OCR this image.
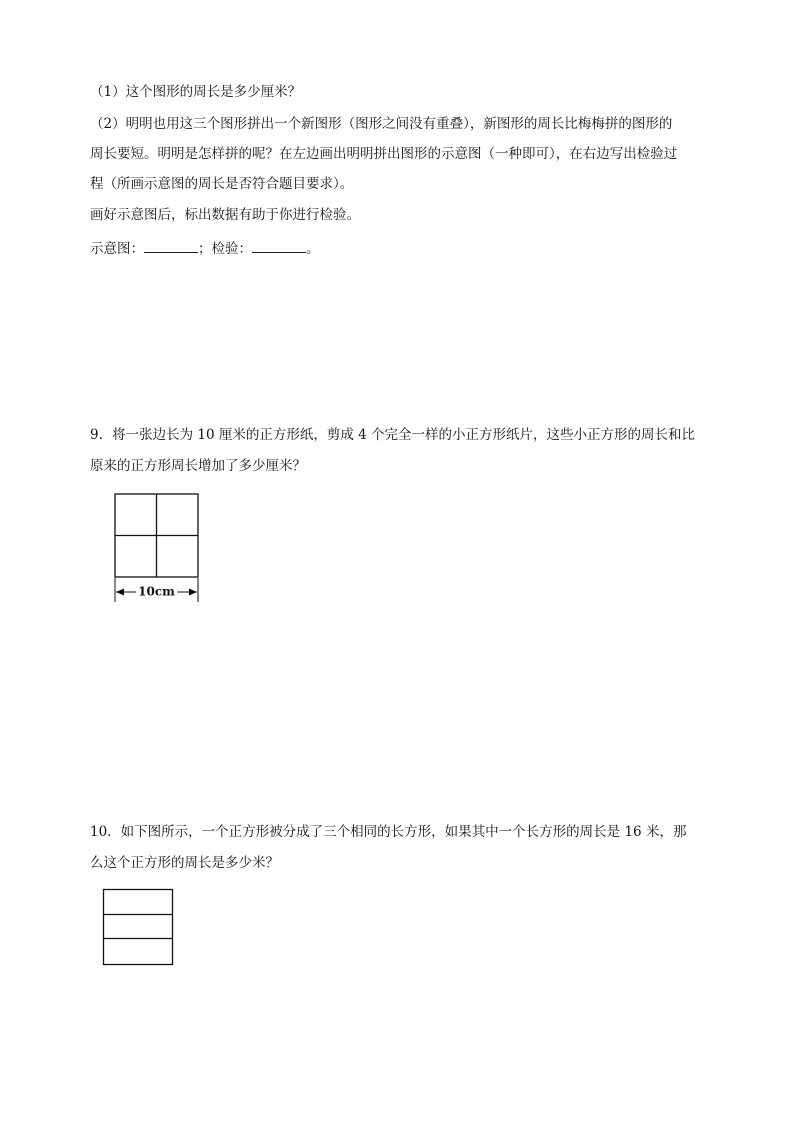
（1）这个图形的周长是多少厘米？
（2）明明也用这三个图形拼出一个新图形（图形之间没有重叠），新图形的周长比梅梅拼的图形的
周长要短。明明是怎样拼的呢？在左边画出明明拼出图形的示意图（一种即可），在右边写出检验过
程（所画示意图的周长是否符合题目要求）。
画好示意图后，标出数据有助于你进行检验。
示意图：	；检验：	。
9．将一张边长为 10 厘米的正方形纸，剪成 4 个完全一样的小正方形纸片，这些小正方形的周长和比
原来的正方形周长增加了多少厘米？
10cm
10．如下图所示，一个正方形被分成了三个相同的长方形，如果其中一个长方形的周长是 16 米，那
么这个正方形的周长是多少米？
